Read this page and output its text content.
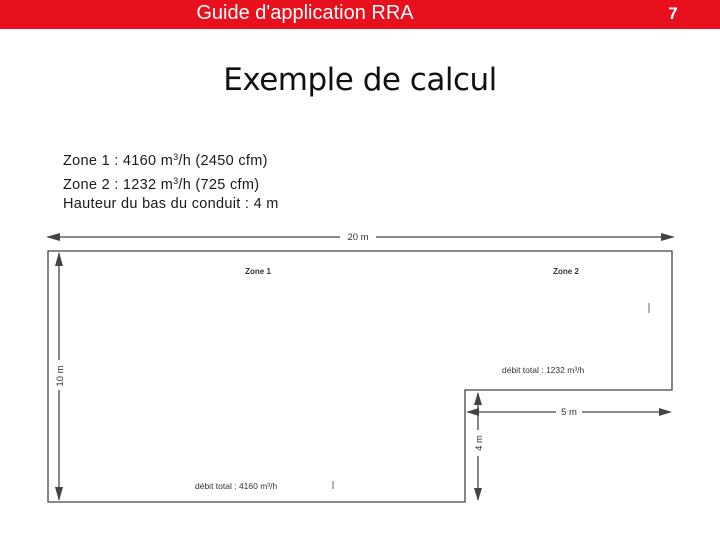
Guide d'application RRA	7
Exemple de calcul
Zone 1 : 4160 $m^3/h$ (2450 cfm)
Zone 2 : 1232 $m^3/h$ (725 cfm)
Hauteur du bas du conduit : 4 m
20 m
10 m
Zone 1	Zone 2
débit total : 1232 m³/h
débit total : 4160 m³/h
5 m
4 m
